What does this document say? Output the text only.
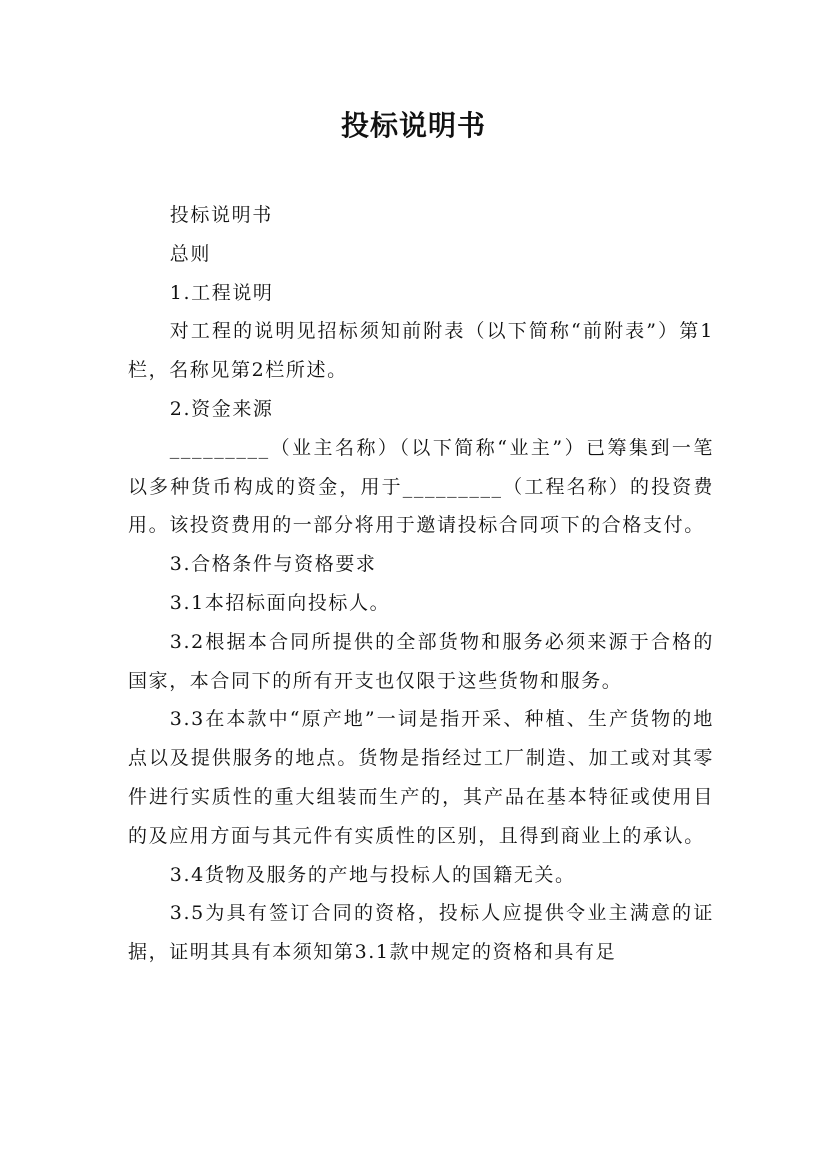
投标说明书

投标说明书

总则

1.工程说明

对工程的说明见招标须知前附表（以下简称“前附表”）第1栏，名称见第2栏所述。

2.资金来源

_________（业主名称）（以下简称“业主”）已筹集到一笔以多种货币构成的资金，用于_________（工程名称）的投资费用。该投资费用的一部分将用于邀请投标合同项下的合格支付。

3.合格条件与资格要求

3.1本招标面向投标人。

3.2根据本合同所提供的全部货物和服务必须来源于合格的国家，本合同下的所有开支也仅限于这些货物和服务。

3.3在本款中“原产地”一词是指开采、种植、生产货物的地点以及提供服务的地点。货物是指经过工厂制造、加工或对其零件进行实质性的重大组装而生产的，其产品在基本特征或使用目的及应用方面与其元件有实质性的区别，且得到商业上的承认。

3.4货物及服务的产地与投标人的国籍无关。

3.5为具有签订合同的资格，投标人应提供令业主满意的证据，证明其具有本须知第3.1款中规定的资格和具有足
